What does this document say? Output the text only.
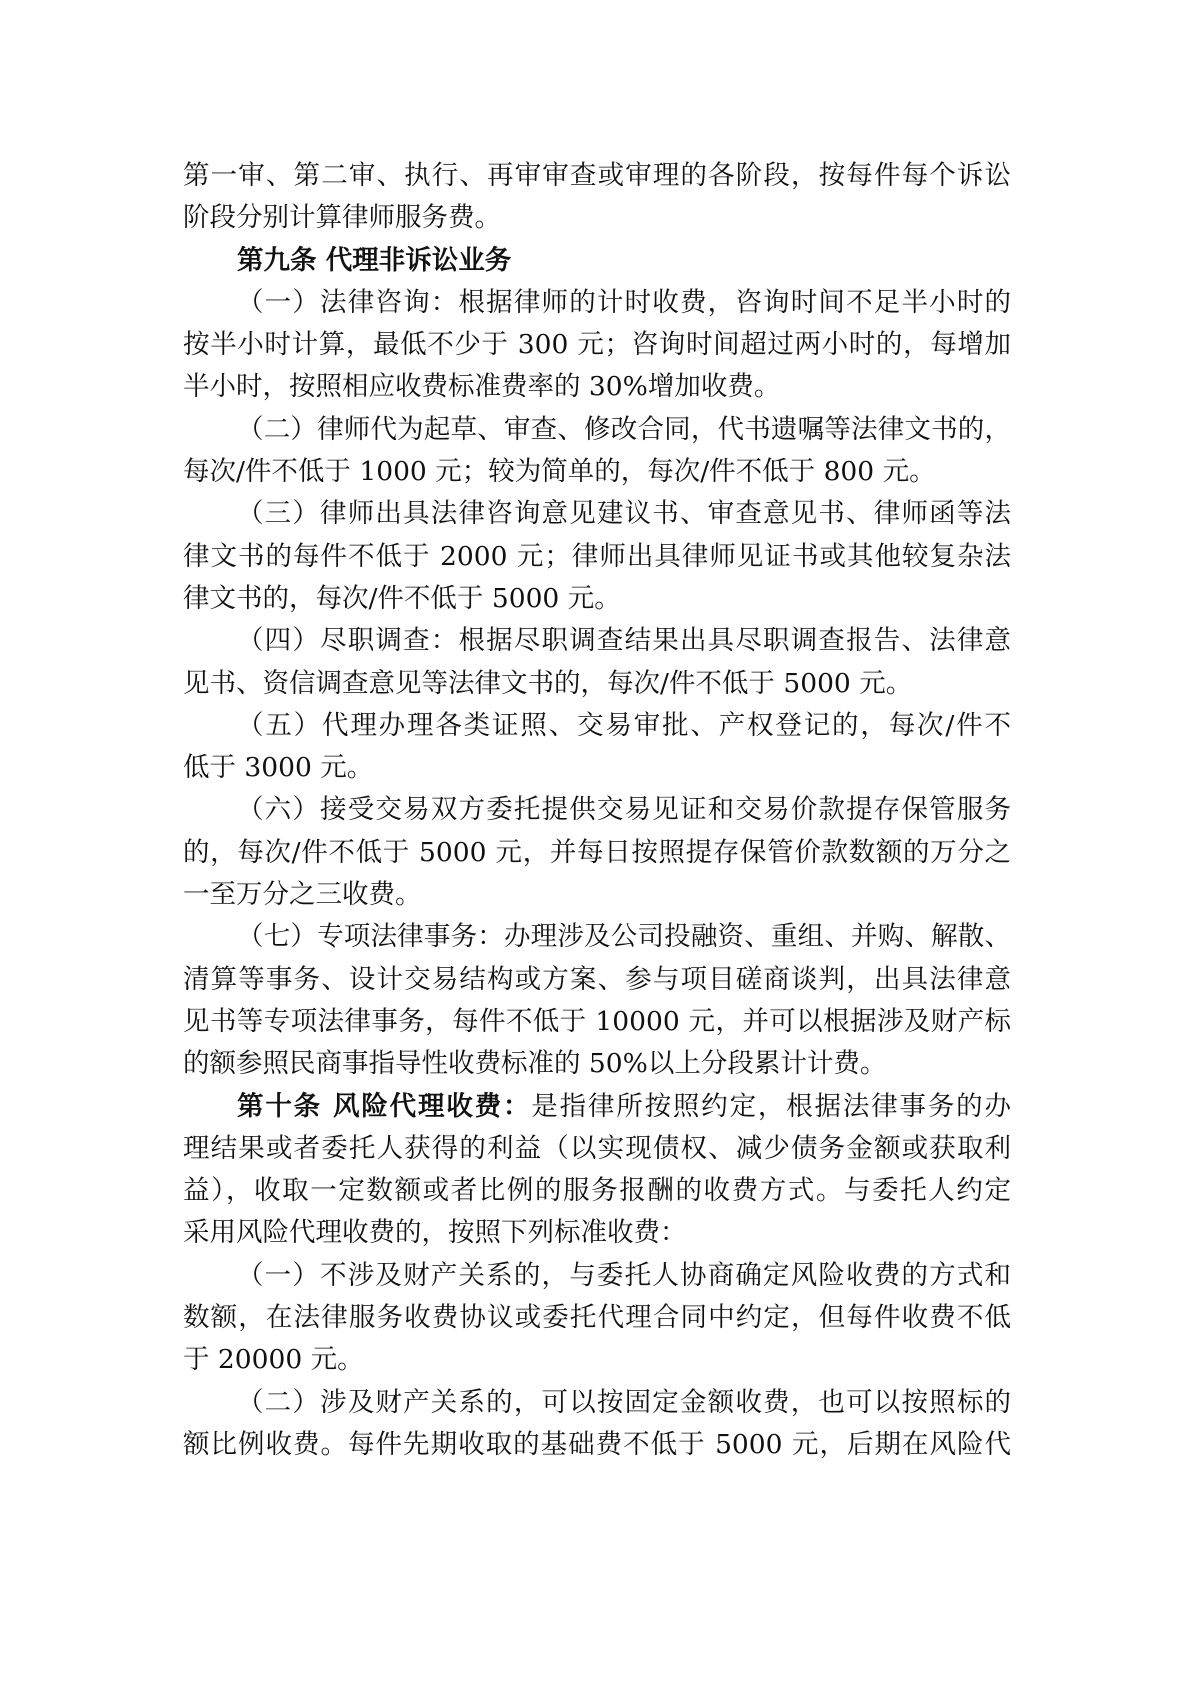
第一审、第二审、执行、再审审查或审理的各阶段，按每件每个诉讼
阶段分别计算律师服务费。
第九条 代理非诉讼业务
（一）法律咨询：根据律师的计时收费，咨询时间不足半小时的
按半小时计算，最低不少于 300 元；咨询时间超过两小时的，每增加
半小时，按照相应收费标准费率的 30%增加收费。
（二）律师代为起草、审查、修改合同，代书遗嘱等法律文书的，
每次/件不低于 1000 元；较为简单的，每次/件不低于 800 元。
（三）律师出具法律咨询意见建议书、审查意见书、律师函等法
律文书的每件不低于 2000 元；律师出具律师见证书或其他较复杂法
律文书的，每次/件不低于 5000 元。
（四）尽职调查：根据尽职调查结果出具尽职调查报告、法律意
见书、资信调查意见等法律文书的，每次/件不低于 5000 元。
（五）代理办理各类证照、交易审批、产权登记的，每次/件不
低于 3000 元。
（六）接受交易双方委托提供交易见证和交易价款提存保管服务
的，每次/件不低于 5000 元，并每日按照提存保管价款数额的万分之
一至万分之三收费。
（七）专项法律事务：办理涉及公司投融资、重组、并购、解散、
清算等事务、设计交易结构或方案、参与项目磋商谈判，出具法律意
见书等专项法律事务，每件不低于 10000 元，并可以根据涉及财产标
的额参照民商事指导性收费标准的 50%以上分段累计计费。
第十条 风险代理收费：是指律所按照约定，根据法律事务的办
理结果或者委托人获得的利益（以实现债权、减少债务金额或获取利
益），收取一定数额或者比例的服务报酬的收费方式。与委托人约定
采用风险代理收费的，按照下列标准收费：
（一）不涉及财产关系的，与委托人协商确定风险收费的方式和
数额，在法律服务收费协议或委托代理合同中约定，但每件收费不低
于 20000 元。
（二）涉及财产关系的，可以按固定金额收费，也可以按照标的
额比例收费。每件先期收取的基础费不低于 5000 元，后期在风险代
